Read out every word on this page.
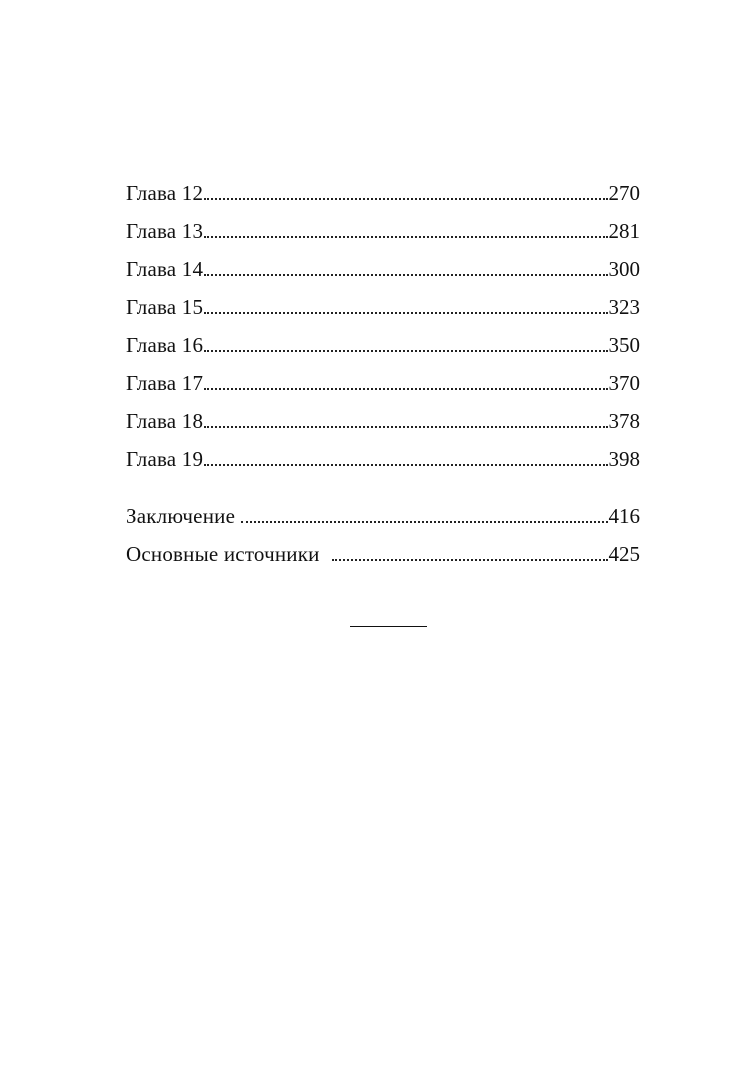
Глава 12	270
Глава 13	281
Глава 14	300
Глава 15	323
Глава 16	350
Глава 17	370
Глава 18	378
Глава 19	398
Заключение	416
Основные источники	425
